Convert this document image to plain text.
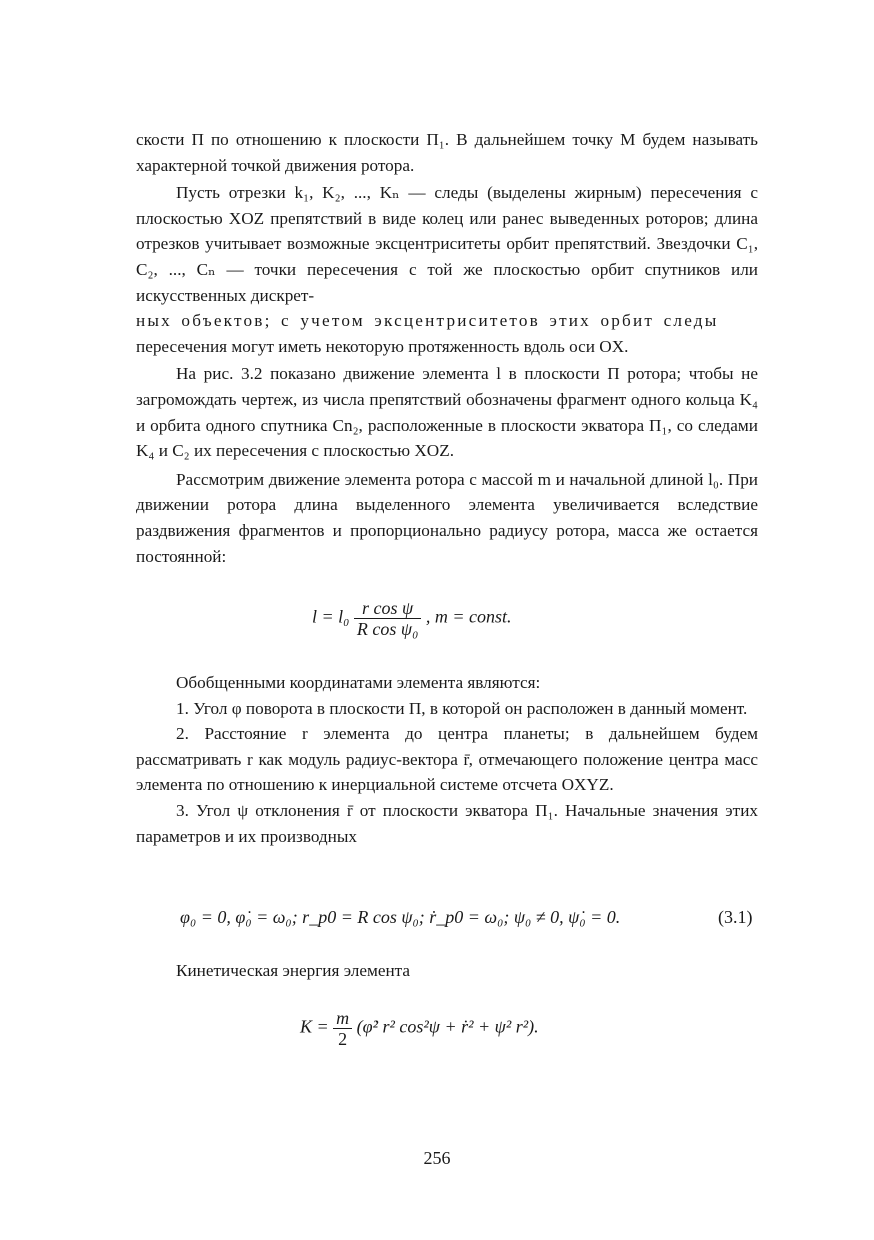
скости П по отношению к плоскости П₁. В дальнейшем точку M будем называть характерной точкой движения ротора.

Пусть отрезки k₁, K₂, ..., Kₙ — следы (выделены жирным) пересечения с плоскостью XOZ препятствий в виде колец или ранес выведенных роторов; длина отрезков учитывает возможные эксцентриситеты орбит препятствий. Звездочки C₁, C₂, ..., Cₙ — точки пересечения с той же плоскостью орбит спутников или искусственных дискрет-

ных объектов; с учетом эксцентриситетов этих орбит следы

пересечения могут иметь некоторую протяженность вдоль оси OX.

На рис. 3.2 показано движение элемента l в плоскости П ротора; чтобы не загромождать чертеж, из числа препятствий обозначены фрагмент одного кольца K₄ и орбита одного спутника Cn₂, расположенные в плоскости экватора П₁, со следами K₄ и C₂ их пересечения с плоскостью XOZ.

Рассмотрим движение элемента ротора с массой m и начальной длиной l₀. При движении ротора длина выделенного элемента увеличивается вследствие раздвижения фрагментов и пропорционально радиусу ротора, масса же остается постоянной:

$l = l_0 \frac{\text{r cos ψ}}{\text{R cos ψ₀}}$ , m = const.

Обобщенными координатами элемента являются:

1. Угол φ поворота в плоскости П, в которой он расположен в данный момент.

2. Расстояние r элемента до центра планеты; в дальнейшем будем рассматривать r как модуль радиус-вектора r̄, отмечающего положение центра масс элемента по отношению к инерциальной системе отсчета OXYZ.

3. Угол ψ отклонения r̄ от плоскости экватора П₁. Начальные значения этих параметров и их производных

φ₀ = 0, φ̇₀ = ω₀; r_p0 = R cos ψ₀; ṙ_p0 = ω₀; ψ₀ ≠ 0, ψ̇₀ = 0.	(3.1)

Кинетическая энергия элемента

$K = \frac{m}{2}$ (φ̇² r² cos²ψ + ṙ² + ψ² r²).
256
